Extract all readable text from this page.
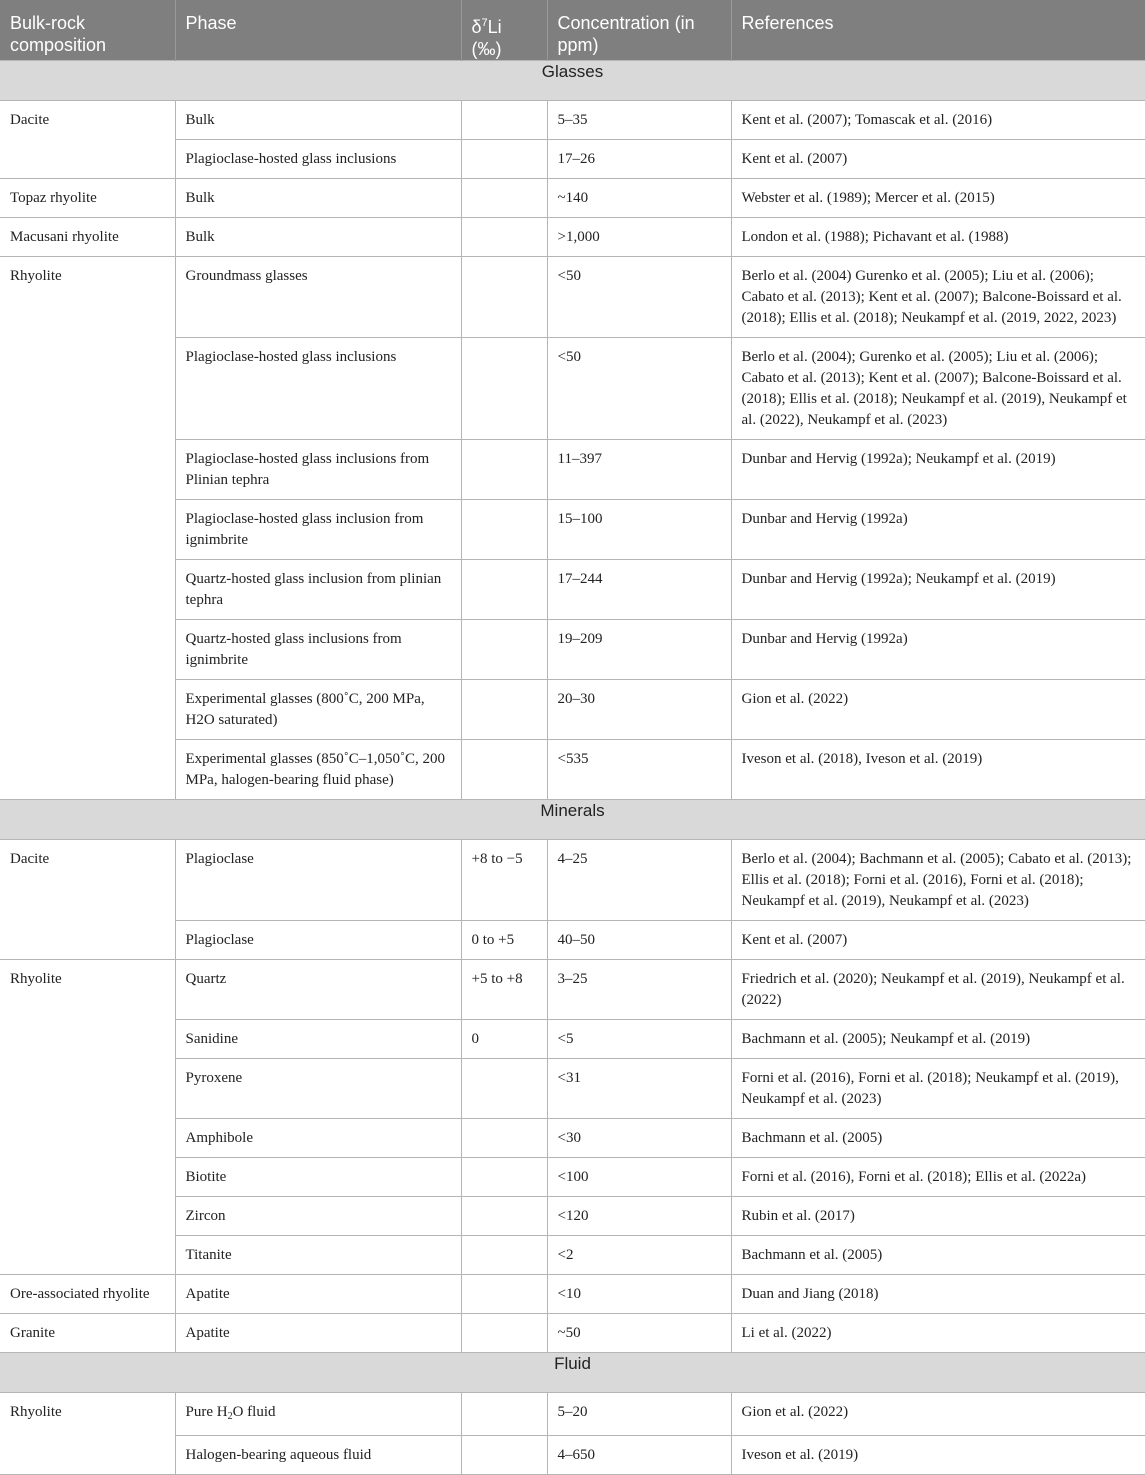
Bulk-rock composition	Phase	$\delta^7Li$ (‰)	Concentration (in ppm)	References
Glasses				
Dacite	Bulk		5–35	Kent et al. (2007); Tomascak et al. (2016)
	Plagioclase-hosted glass inclusions		17–26	Kent et al. (2007)
Topaz rhyolite	Bulk		~140	Webster et al. (1989); Mercer et al. (2015)
Macusani rhyolite	Bulk		>1,000	London et al. (1988); Pichavant et al. (1988)
Rhyolite	Groundmass glasses		<50	Berlo et al. (2004) Gurenko et al. (2005); Liu et al. (2006); Cabato et al. (2013); Kent et al. (2007); Balcone-Boissard et al. (2018); Ellis et al. (2018); Neukampf et al. (2019, 2022, 2023)
	Plagioclase-hosted glass inclusions		<50	Berlo et al. (2004); Gurenko et al. (2005); Liu et al. (2006); Cabato et al. (2013); Kent et al. (2007); Balcone-Boissard et al. (2018); Ellis et al. (2018); Neukampf et al. (2019), Neukampf et al. (2022), Neukampf et al. (2023)
	Plagioclase-hosted glass inclusions from Plinian tephra		11–397	Dunbar and Hervig (1992a); Neukampf et al. (2019)
	Plagioclase-hosted glass inclusion from ignimbrite		15–100	Dunbar and Hervig (1992a)
	Quartz-hosted glass inclusion from plinian tephra		17–244	Dunbar and Hervig (1992a); Neukampf et al. (2019)
	Quartz-hosted glass inclusions from ignimbrite		19–209	Dunbar and Hervig (1992a)
	Experimental glasses (800˚C, 200 MPa, H2O saturated)		20–30	Gion et al. (2022)
	Experimental glasses (850˚C–1,050˚C, 200 MPa, halogen-bearing fluid phase)		<535	Iveson et al. (2018), Iveson et al. (2019)
Minerals				
Dacite	Plagioclase	+8 to −5	4–25	Berlo et al. (2004); Bachmann et al. (2005); Cabato et al. (2013); Ellis et al. (2018); Forni et al. (2016), Forni et al. (2018); Neukampf et al. (2019), Neukampf et al. (2023)
	Plagioclase	0 to +5	40–50	Kent et al. (2007)
Rhyolite	Quartz	+5 to +8	3–25	Friedrich et al. (2020); Neukampf et al. (2019), Neukampf et al. (2022)
	Sanidine	0	<5	Bachmann et al. (2005); Neukampf et al. (2019)
	Pyroxene		<31	Forni et al. (2016), Forni et al. (2018); Neukampf et al. (2019), Neukampf et al. (2023)
	Amphibole		<30	Bachmann et al. (2005)
	Biotite		<100	Forni et al. (2016), Forni et al. (2018); Ellis et al. (2022a)
	Zircon		<120	Rubin et al. (2017)
	Titanite		<2	Bachmann et al. (2005)
Ore-associated rhyolite	Apatite		<10	Duan and Jiang (2018)
Granite	Apatite		~50	Li et al. (2022)
Fluid				
Rhyolite	Pure $H_2O$ fluid		5–20	Gion et al. (2022)
	Halogen-bearing aqueous fluid		4–650	Iveson et al. (2019)
